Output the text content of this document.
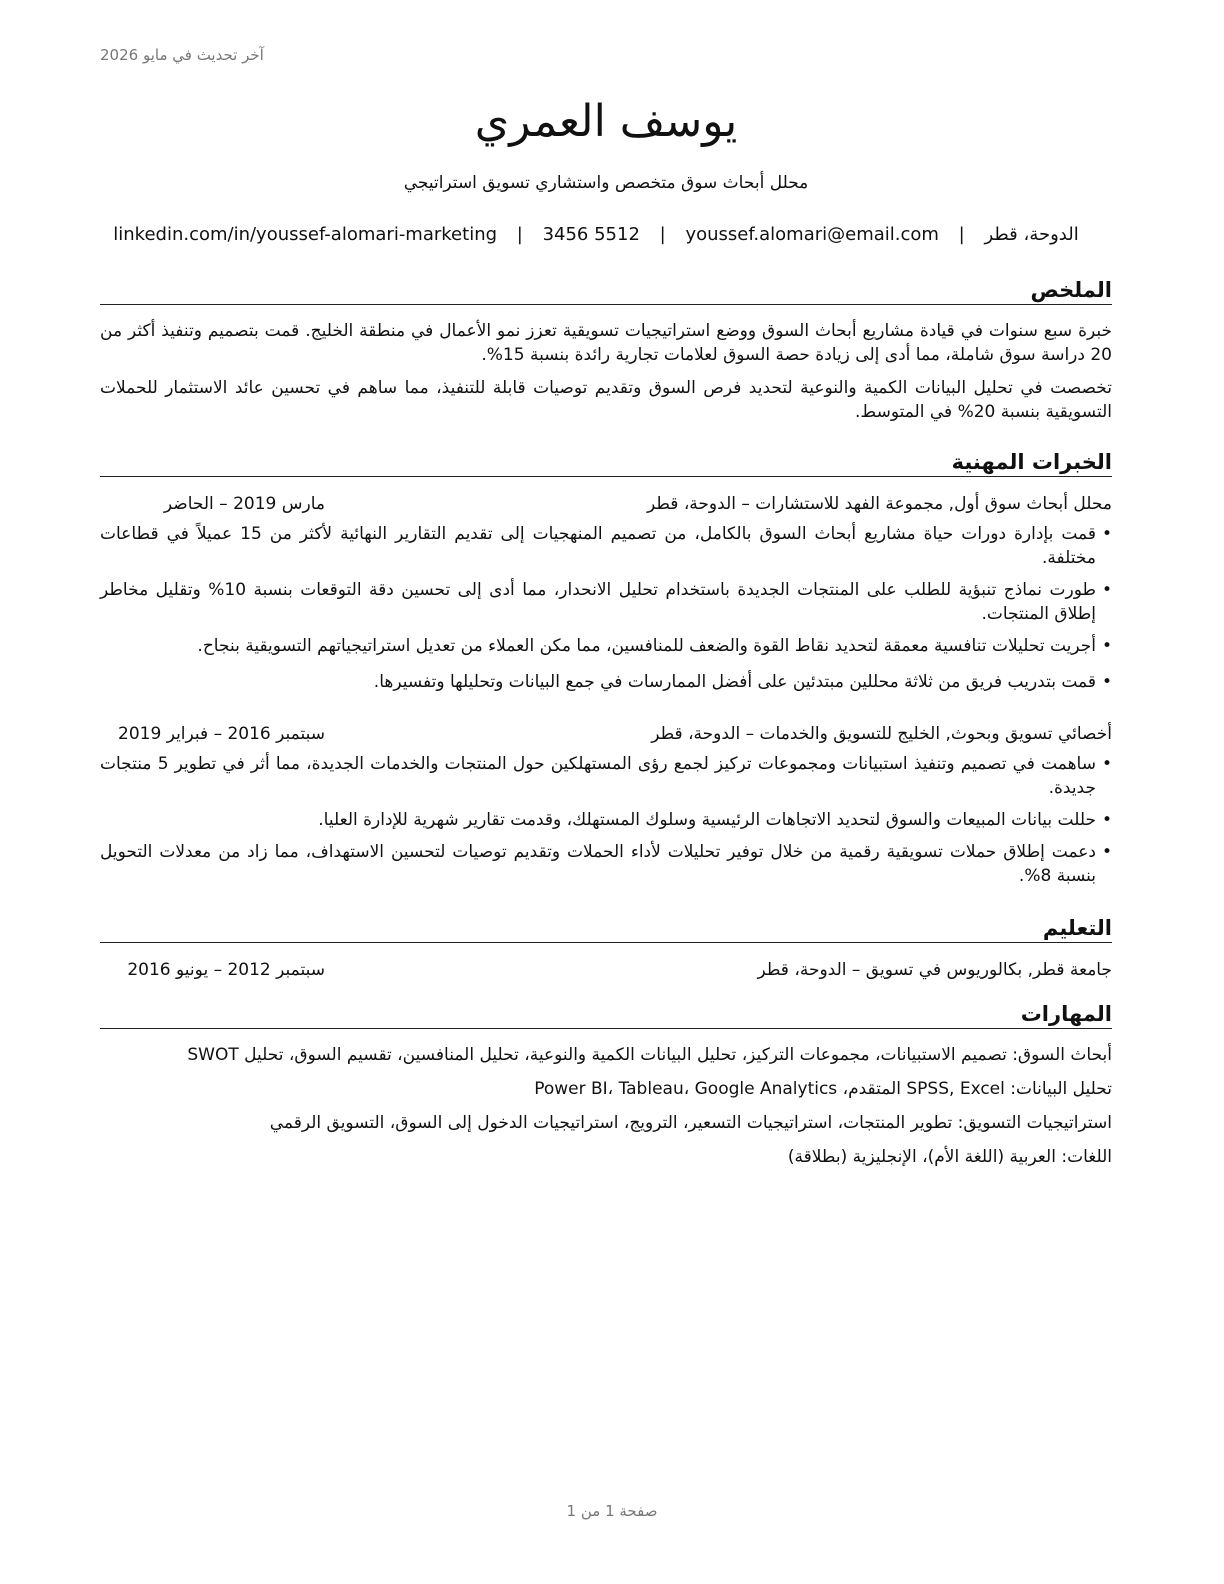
آخر تحديث في مايو 2026
يوسف العمري
محلل أبحاث سوق متخصص واستشاري تسويق استراتيجي
الدوحة، قطر | youssef.alomari@email.com | 3456 5512 | linkedin.com/in/youssef-alomari-marketing
الملخص

خبرة سبع سنوات في قيادة مشاريع أبحاث السوق ووضع استراتيجيات تسويقية تعزز نمو الأعمال في منطقة الخليج. قمت بتصميم وتنفيذ أكثر من 20 دراسة سوق شاملة، مما أدى إلى زيادة حصة السوق لعلامات تجارية رائدة بنسبة 15%.

تخصصت في تحليل البيانات الكمية والنوعية لتحديد فرص السوق وتقديم توصيات قابلة للتنفيذ، مما ساهم في تحسين عائد الاستثمار للحملات التسويقية بنسبة 20% في المتوسط.

الخبرات المهنية
محلل أبحاث سوق أول, مجموعة الفهد للاستشارات – الدوحة، قطر
مارس 2019 – الحاضر
• قمت بإدارة دورات حياة مشاريع أبحاث السوق بالكامل، من تصميم المنهجيات إلى تقديم التقارير النهائية لأكثر من 15 عميلاً في قطاعات مختلفة.
• طورت نماذج تنبؤية للطلب على المنتجات الجديدة باستخدام تحليل الانحدار، مما أدى إلى تحسين دقة التوقعات بنسبة 10% وتقليل مخاطر إطلاق المنتجات.
• أجريت تحليلات تنافسية معمقة لتحديد نقاط القوة والضعف للمنافسين، مما مكن العملاء من تعديل استراتيجياتهم التسويقية بنجاح.
• قمت بتدريب فريق من ثلاثة محللين مبتدئين على أفضل الممارسات في جمع البيانات وتحليلها وتفسيرها.
أخصائي تسويق وبحوث, الخليج للتسويق والخدمات – الدوحة، قطر
سبتمبر 2016 – فبراير 2019
• ساهمت في تصميم وتنفيذ استبيانات ومجموعات تركيز لجمع رؤى المستهلكين حول المنتجات والخدمات الجديدة، مما أثر في تطوير 5 منتجات جديدة.
• حللت بيانات المبيعات والسوق لتحديد الاتجاهات الرئيسية وسلوك المستهلك، وقدمت تقارير شهرية للإدارة العليا.
• دعمت إطلاق حملات تسويقية رقمية من خلال توفير تحليلات لأداء الحملات وتقديم توصيات لتحسين الاستهداف، مما زاد من معدلات التحويل بنسبة 8%.
التعليم
جامعة قطر, بكالوريوس في تسويق – الدوحة، قطر
سبتمبر 2012 – يونيو 2016
المهارات

أبحاث السوق: تصميم الاستبيانات، مجموعات التركيز، تحليل البيانات الكمية والنوعية، تحليل المنافسين، تقسيم السوق، تحليل SWOT

تحليل البيانات: SPSS, Excel المتقدم، Power BI، Tableau، Google Analytics

استراتيجيات التسويق: تطوير المنتجات، استراتيجيات التسعير، الترويج، استراتيجيات الدخول إلى السوق، التسويق الرقمي

اللغات: العربية (اللغة الأم)، الإنجليزية (بطلاقة)

صفحة 1 من 1
